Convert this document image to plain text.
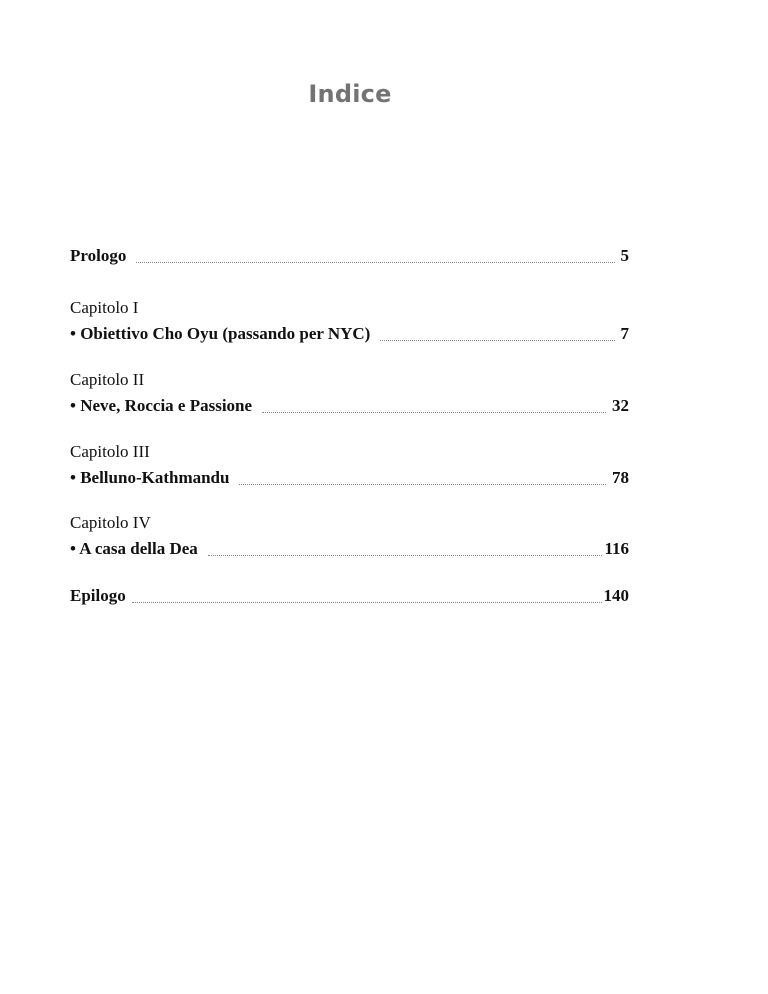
Indice
Prologo	5
Capitolo I
• Obiettivo Cho Oyu (passando per NYC)	7
Capitolo II
• Neve, Roccia e Passione	32
Capitolo III
• Belluno-Kathmandu	78
Capitolo IV
• A casa della Dea	116
Epilogo	140
